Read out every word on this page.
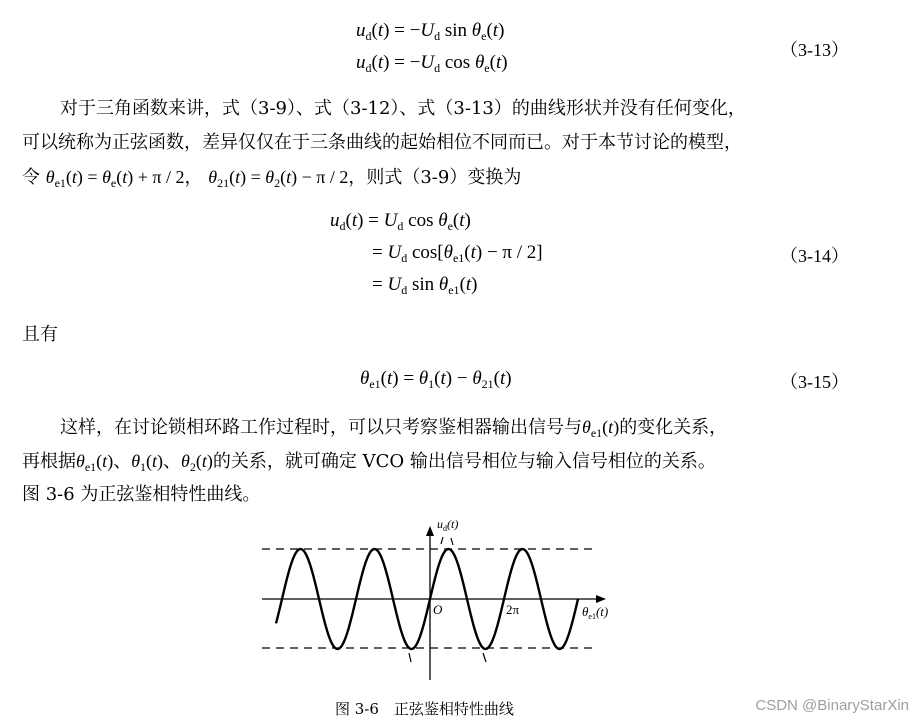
$u_d(t) = -U_d$ $\sin \theta_e(t)$
$u_d(t) = -U_d$ $\cos \theta_e(t)$
（3-13）
对于三角函数来讲，式（3-9）、式（3-12）、式（3-13）的曲线形状并没有任何变化，
可以统称为正弦函数，差异仅仅在于三条曲线的起始相位不同而已。对于本节讨论的模型，
令 $\theta_{e1}(t) = \theta_e(t) + \pi / 2$， $\theta_{21}(t) = \theta_2(t) - \pi / 2$，则式（3-9）变换为
$u_d(t) = U_d$ $\cos \theta_e(t)$
= $U_d$ $\cos[\theta_{e1}(t) - \pi / 2]$
= $U_d$ $\sin \theta_{e1}(t)$
（3-14）
且有
$\theta_{e1}(t) = \theta_1(t) - \theta_{21}(t)$	（3-15）
这样，在讨论锁相环路工作过程时，可以只考察鉴相器输出信号与$\theta_{e1}(t)$的变化关系，
再根据$\theta_{e1}(t)$、$\theta_1(t)$、$\theta_2(t)$的关系，就可确定 VCO 输出信号相位与输入信号相位的关系。
图 3-6 为正弦鉴相特性曲线。
$u_d(t)$
O	2π	$\theta_{e1}(t)$
图 3-6　正弦鉴相特性曲线	CSDN @BinaryStarXin
